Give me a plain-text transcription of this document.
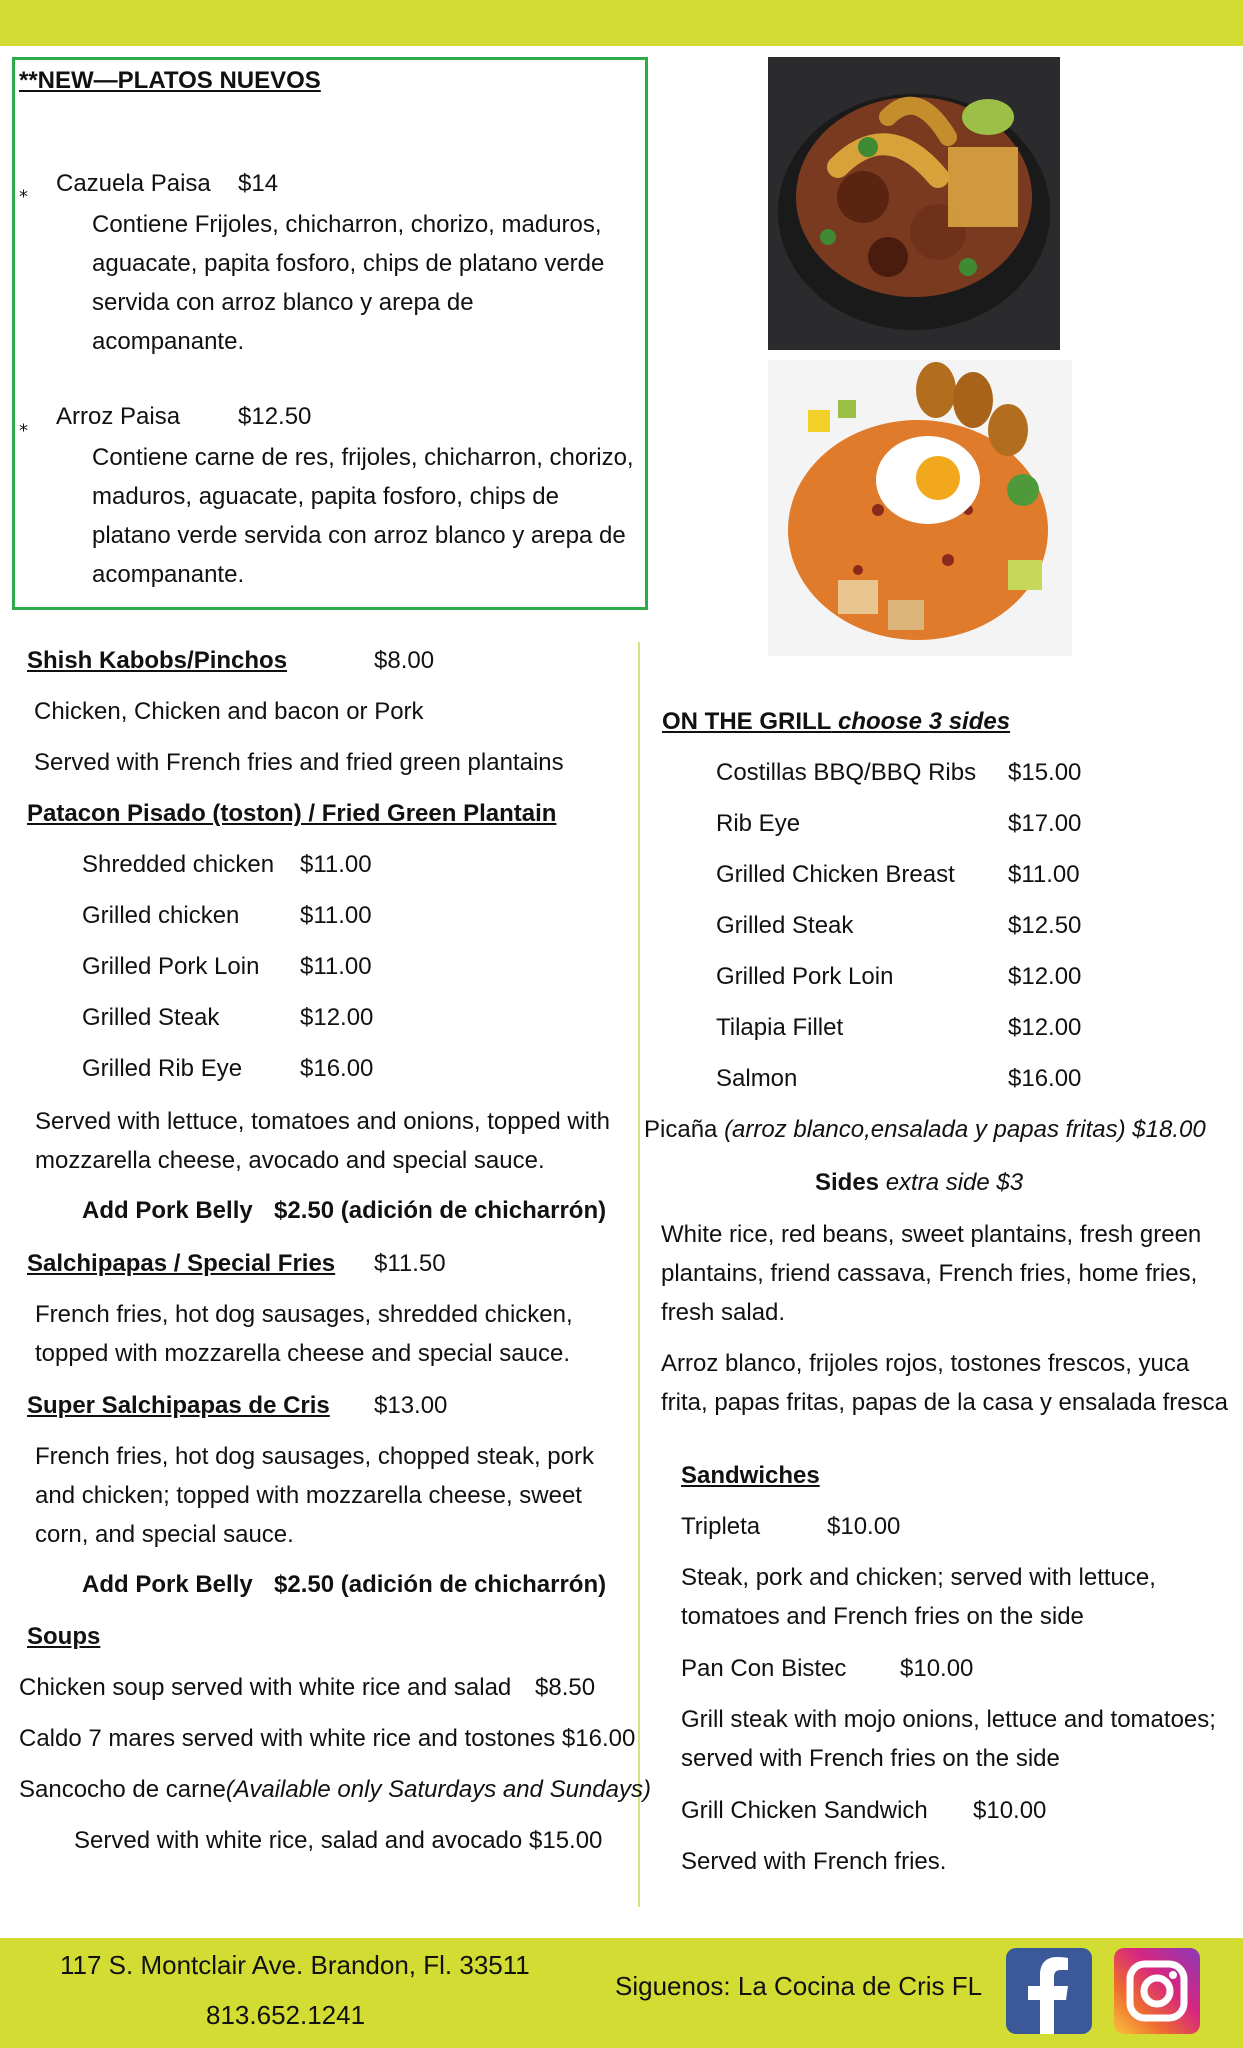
**NEW—PLATOS NUEVOS
⁎ Cazuela Paisa $14
Contiene Frijoles, chicharron, chorizo, maduros, aguacate, papita fosforo, chips de platano verde servida con arroz blanco y arepa de acompanante.
⁎ Arroz Paisa $12.50
Contiene carne de res, frijoles, chicharron, chorizo, maduros, aguacate, papita fosforo, chips de platano verde servida con arroz blanco y arepa de acompanante.
Shish Kabobs/Pinchos	$8.00
Chicken, Chicken and bacon or Pork
Served with French fries and fried green plantains
Patacon Pisado (toston) / Fried Green Plantain
Shredded chicken $11.00
Grilled chicken	$11.00
Grilled Pork Loin $11.00
Grilled Steak	$12.00
Grilled Rib Eye $16.00
Served with lettuce, tomatoes and onions, topped with mozzarella cheese, avocado and special sauce.
Add Pork Belly $2.50 (adición de chicharrón)
Salchipapas / Special Fries $11.50
French fries, hot dog sausages, shredded chicken, topped with mozzarella cheese and special sauce.
Super Salchipapas de Cris $13.00
French fries, hot dog sausages, chopped steak, pork and chicken; topped with mozzarella cheese, sweet corn, and special sauce.
Add Pork Belly $2.50 (adición de chicharrón)
Soups
Chicken soup served with white rice and salad $8.50
Caldo 7 mares served with white rice and tostones $16.00
Sancocho de carne(Available only Saturdays and Sundays)
Served with white rice, salad and avocado $15.00
ON THE GRILL choose 3 sides
Costillas BBQ/BBQ Ribs $15.00
Rib Eye	$17.00
Grilled Chicken Breast $11.00
Grilled Steak	$12.50
Grilled Pork Loin	$12.00
Tilapia Fillet	$12.00
Salmon	$16.00
Picaña (arroz blanco,ensalada y papas fritas) $18.00
Sides extra side $3
White rice, red beans, sweet plantains, fresh green plantains, friend cassava, French fries, home fries, fresh salad.
Arroz blanco, frijoles rojos, tostones frescos, yuca frita, papas fritas, papas de la casa y ensalada fresca
Sandwiches
Tripleta	$10.00
Steak, pork and chicken; served with lettuce, tomatoes and French fries on the side
Pan Con Bistec $10.00
Grill steak with mojo onions, lettuce and tomatoes; served with French fries on the side
Grill Chicken Sandwich $10.00
Served with French fries.
117 S. Montclair Ave. Brandon, Fl. 33511
813.652.1241
Siguenos: La Cocina de Cris FL
